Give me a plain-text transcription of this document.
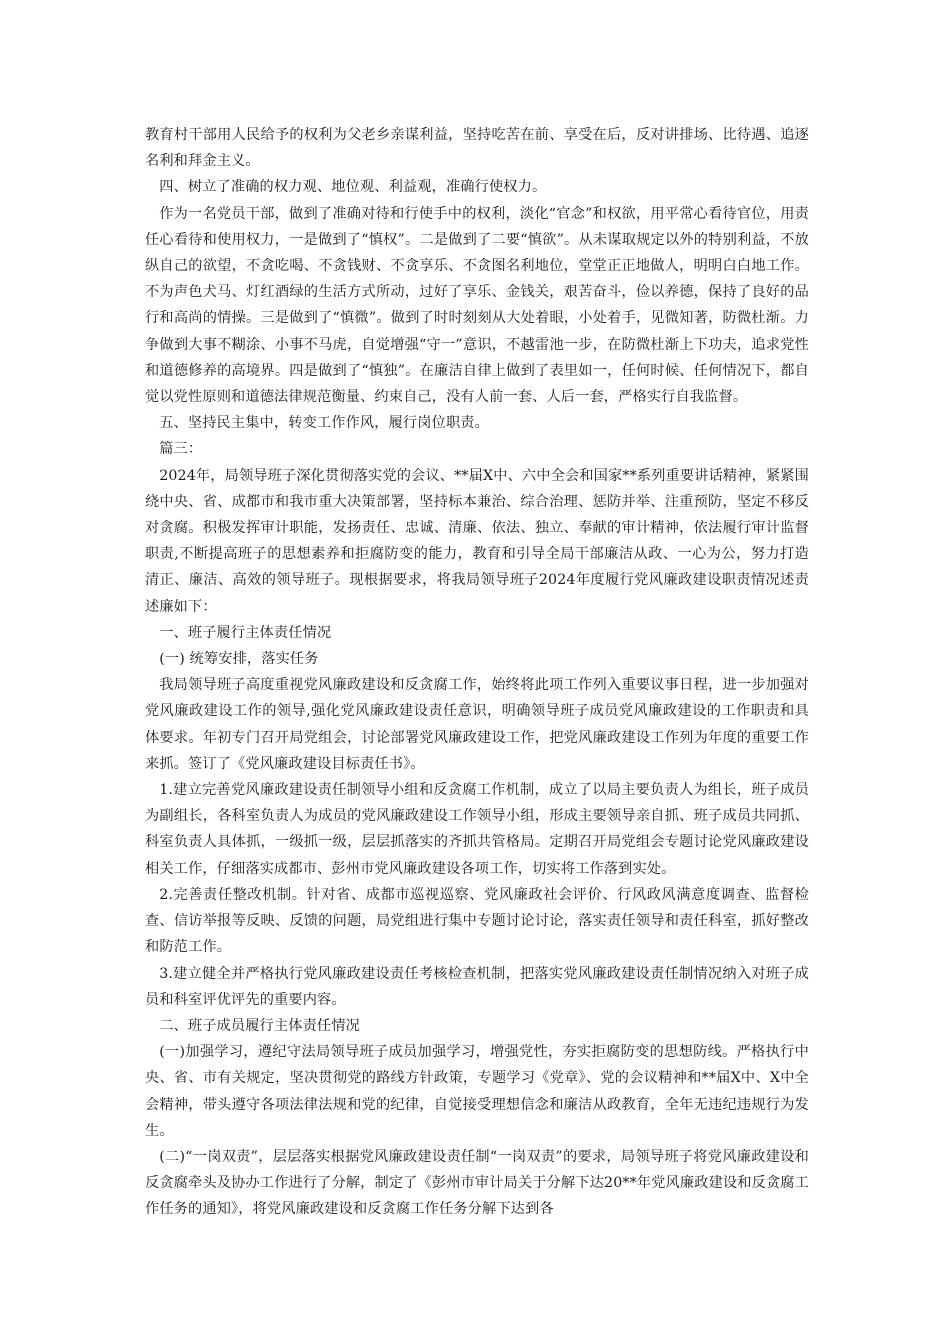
教育村干部用人民给予的权利为父老乡亲谋利益，坚持吃苦在前、享受在后，反对讲排场、比待遇、追逐名利和拜金主义。

四、树立了准确的权力观、地位观、利益观，准确行使权力。

作为一名党员干部，做到了准确对待和行使手中的权利，淡化“官念”和权欲，用平常心看待官位，用责任心看待和使用权力，一是做到了“慎权”。二是做到了二要“慎欲”。从未谋取规定以外的特别利益，不放纵自己的欲望，不贪吃喝、不贪钱财、不贪享乐、不贪图名利地位，堂堂正正地做人，明明白白地工作。不为声色犬马、灯红酒绿的生活方式所动，过好了享乐、金钱关，艰苦奋斗，俭以养德，保持了良好的品行和高尚的情操。三是做到了“慎微”。做到了时时刻刻从大处着眼，小处着手，见微知著，防微杜渐。力争做到大事不糊涂、小事不马虎，自觉增强“守一”意识，不越雷池一步，在防微杜渐上下功夫，追求党性和道德修养的高境界。四是做到了“慎独”。在廉洁自律上做到了表里如一，任何时候、任何情况下，都自觉以党性原则和道德法律规范衡量、约束自己，没有人前一套、人后一套，严格实行自我监督。

五、坚持民主集中，转变工作作风，履行岗位职责。

篇三：

2024年，局领导班子深化贯彻落实党的会议、**届X中、六中全会和国家**系列重要讲话精神，紧紧围绕中央、省、成都市和我市重大决策部署，坚持标本兼治、综合治理、惩防并举、注重预防，坚定不移反对贪腐。积极发挥审计职能，发扬责任、忠诚、清廉、依法、独立、奉献的审计精神，依法履行审计监督职责,不断提高班子的思想素养和拒腐防变的能力，教育和引导全局干部廉洁从政、一心为公，努力打造清正、廉洁、高效的领导班子。现根据要求，将我局领导班子2024年度履行党风廉政建设职责情况述责述廉如下：

一、班子履行主体责任情况

(一) 统筹安排，落实任务

我局领导班子高度重视党风廉政建设和反贪腐工作，始终将此项工作列入重要议事日程，进一步加强对党风廉政建设工作的领导,强化党风廉政建设责任意识，明确领导班子成员党风廉政建设的工作职责和具体要求。年初专门召开局党组会，讨论部署党风廉政建设工作，把党风廉政建设工作列为年度的重要工作来抓。签订了《党风廉政建设目标责任书》。

1.建立完善党风廉政建设责任制领导小组和反贪腐工作机制，成立了以局主要负责人为组长，班子成员为副组长，各科室负责人为成员的党风廉政建设工作领导小组，形成主要领导亲自抓、班子成员共同抓、科室负责人具体抓，一级抓一级，层层抓落实的齐抓共管格局。定期召开局党组会专题讨论党风廉政建设相关工作，仔细落实成都市、彭州市党风廉政建设各项工作，切实将工作落到实处。

2.完善责任整改机制。针对省、成都市巡视巡察、党风廉政社会评价、行风政风满意度调查、监督检查、信访举报等反映、反馈的问题，局党组进行集中专题讨论讨论，落实责任领导和责任科室，抓好整改和防范工作。

3.建立健全并严格执行党风廉政建设责任考核检查机制，把落实党风廉政建设责任制情况纳入对班子成员和科室评优评先的重要内容。

二、班子成员履行主体责任情况

(一)加强学习，遵纪守法局领导班子成员加强学习，增强党性，夯实拒腐防变的思想防线。严格执行中央、省、市有关规定，坚决贯彻党的路线方针政策，专题学习《党章》、党的会议精神和**届X中、X中全会精神，带头遵守各项法律法规和党的纪律，自觉接受理想信念和廉洁从政教育，全年无违纪违规行为发生。

(二)“一岗双责”，层层落实根据党风廉政建设责任制“一岗双责”的要求，局领导班子将党风廉政建设和反贪腐牵头及协办工作进行了分解，制定了《彭州市审计局关于分解下达20**年党风廉政建设和反贪腐工作任务的通知》，将党风廉政建设和反贪腐工作任务分解下达到各
